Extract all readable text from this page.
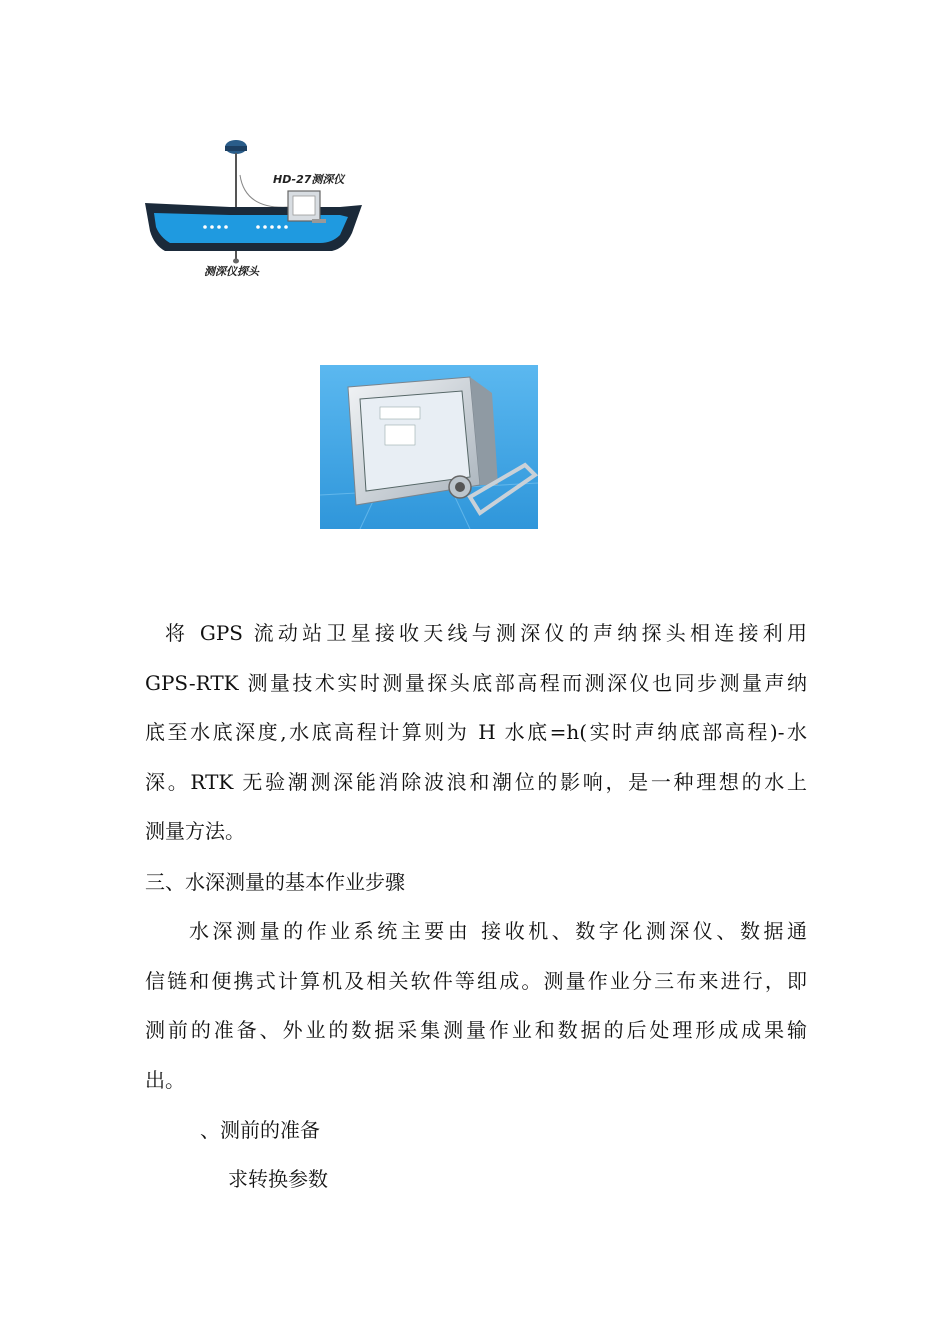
HD-27测深仪
测深仪探头
将 GPS 流动站卫星接收天线与测深仪的声纳探头相连接利用
GPS-RTK 测量技术实时测量探头底部高程而测深仪也同步测量声纳
底至水底深度,水底高程计算则为 H 水底=h(实时声纳底部高程)-水
深。RTK 无验潮测深能消除波浪和潮位的影响，是一种理想的水上
测量方法。
三、水深测量的基本作业步骤
水深测量的作业系统主要由 接收机、数字化测深仪、数据通
信链和便携式计算机及相关软件等组成。测量作业分三布来进行，即
测前的准备、外业的数据采集测量作业和数据的后处理形成成果输
出。
、测前的准备
求转换参数
